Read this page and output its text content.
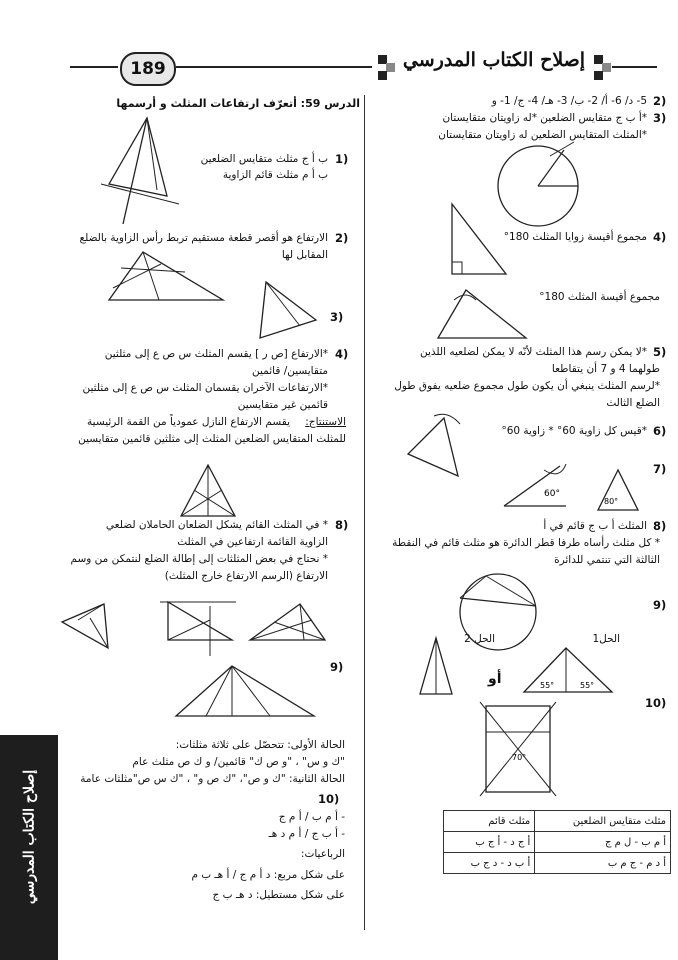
189	إصلاح الكتاب المدرسي
إصلاح الكتاب المدرسي
الدرس 59: أتعرّف ارتفاعات المثلث و أرسمها
1)
ب أ ج مثلث متقايس الضلعين
ب أ م مثلث قائم الزاوية
2)
الارتفاع هو أقصر قطعة مستقيم تربط رأس الزاوية بالضلع
المقابل لها
3)
4)
*الارتفاع [ص ر ] يقسم المثلث س ص ع إلى مثلثين
متقايسين/ قائمين
*الارتفاعات الآخران يقسمان المثلث س ص ع إلى مثلثين
قائمين غير متقايسين
الاستنتاج:
يقسم الارتفاع النازل عمودياً من القمة الرئيسية
للمثلث المتقايس الضلعين المثلث إلى مثلثين قائمين متقايسين
8)
* في المثلث القائم يشكل الضلعان الحاملان لضلعي
الزاوية القائمة ارتفاعين في المثلث
* نحتاج في بعض المثلثات إلى إطالة الضلع لنتمكن من وسم
الارتفاع (الرسم الارتفاع خارج المثلث)
9)
الحالة الأولى: تتحصّل على ثلاثة مثلثات:
"ك و س" ، "و ص ك" قائمين/ و ك ص مثلث عام
الحالة الثانية: "ك و ص"، "ك ص و" ، "ك س ص"مثلثات عامة
10)
- أ م ب / أ م ج
- أ ب ج / أ م د هـ
الرباعيات:
على شكل مربع: د أ م ج / أ هـ ب م
على شكل مستطيل: د هـ ب ج
2)
5- د/ 6- أ/ 2- ب/ 3- هـ/ 4- ج/ 1- و
3)
*أ ب ج متقايس الضلعين *له زاويتان متقايستان
*المثلث المتقايس الضلعين له زاويتان متقايستان
4)
مجموع أقيسة زوايا المثلث 180°
مجموع أقيسة المثلث 180°
5)
*لا يمكن رسم هذا المثلث لأنّه لا يمكن لضلعيه اللذين
طولهما 4 و 7 أن يتقاطعا
*لرسم المثلث ينبغي أن يكون طول مجموع ضلعيه يفوق طول
الضلع الثالث
6)
*قيس كل زاوية 60° * زاوية 60°
7)
60°
80°
8)
المثلث أ ب ج قائم في أ
* كل مثلث رأساه طرفا قطر الدائرة هو مثلث قائم في النقطة
الثالثة التي تنتمي للدائرة
9)
الحل1
الحل 2
أو	55°	55°
10)
70°
مثلث متقايس الضلعين	مثلث قائم
أ م ب - ل م ج	أ ج د - أ ج ب
أ د م - ج م ب	أ ب د - د ج ب
